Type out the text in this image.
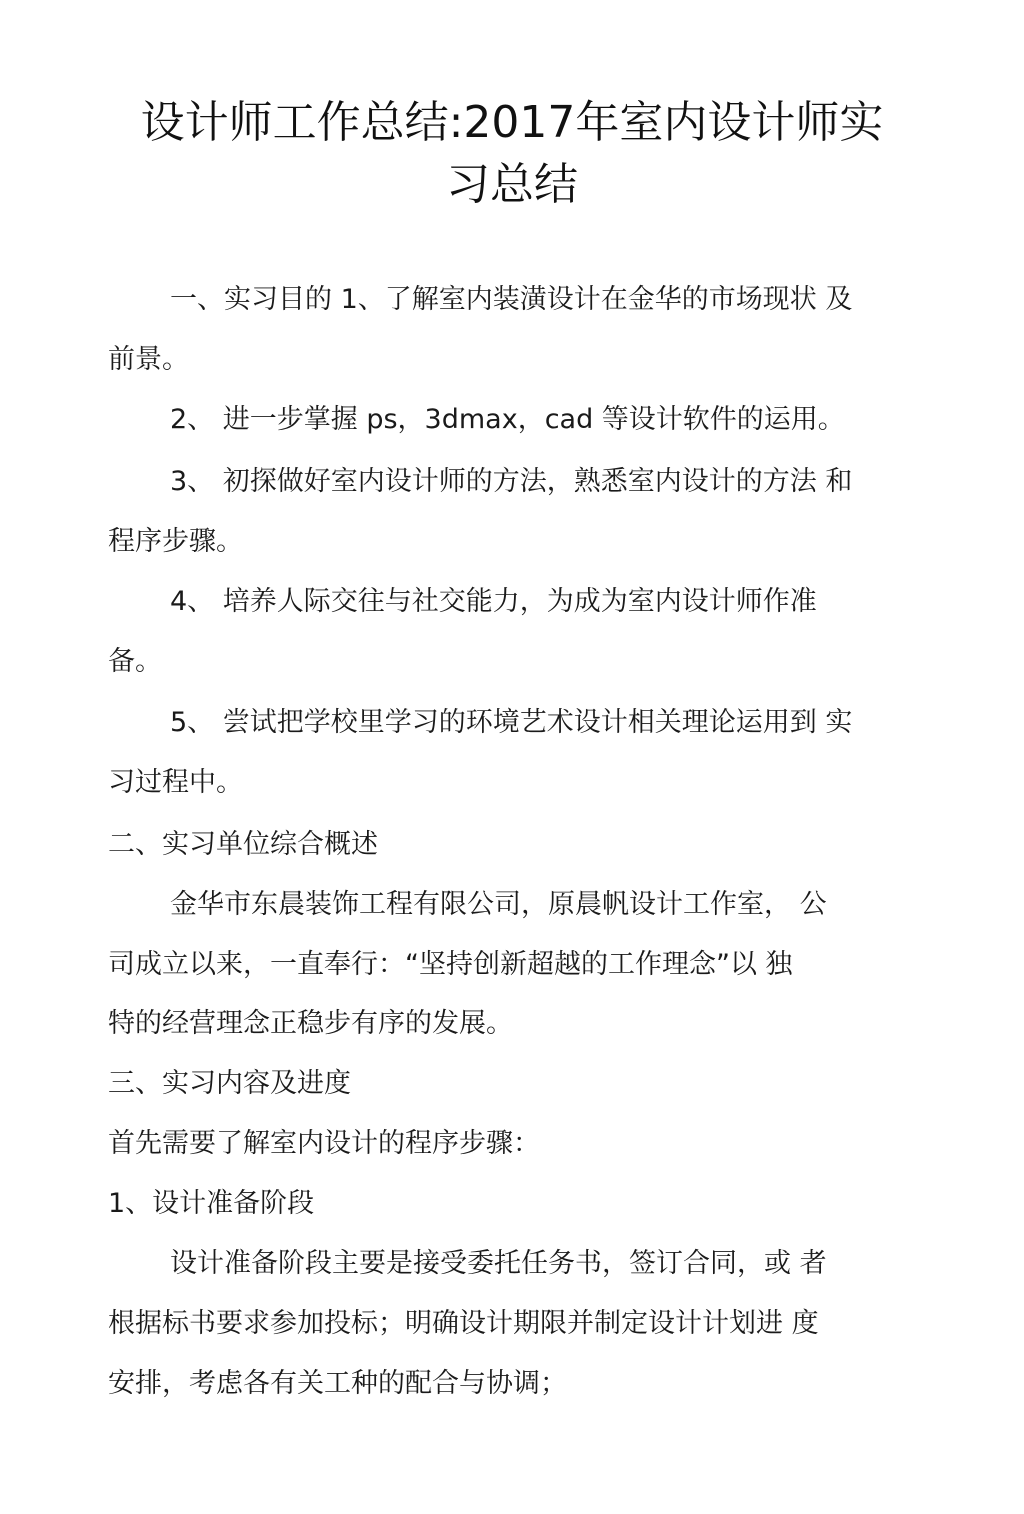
设计师工作总结:2017年室内设计师实
习总结

一、实习目的 1、了解室内装潢设计在金华的市场现状 及

前景。

2、 进一步掌握 ps，3dmax，cad 等设计软件的运用。

3、 初探做好室内设计师的方法，熟悉室内设计的方法 和

程序步骤。

4、 培养人际交往与社交能力，为成为室内设计师作准

备。

5、 尝试把学校里学习的环境艺术设计相关理论运用到 实

习过程中。

二、实习单位综合概述

金华市东晨装饰工程有限公司，原晨帆设计工作室， 公

司成立以来，一直奉行：“坚持创新超越的工作理念”以 独

特的经营理念正稳步有序的发展。

三、实习内容及进度

首先需要了解室内设计的程序步骤：

1、设计准备阶段

设计准备阶段主要是接受委托任务书，签订合同，或 者

根据标书要求参加投标；明确设计期限并制定设计计划进 度

安排，考虑各有关工种的配合与协调；
